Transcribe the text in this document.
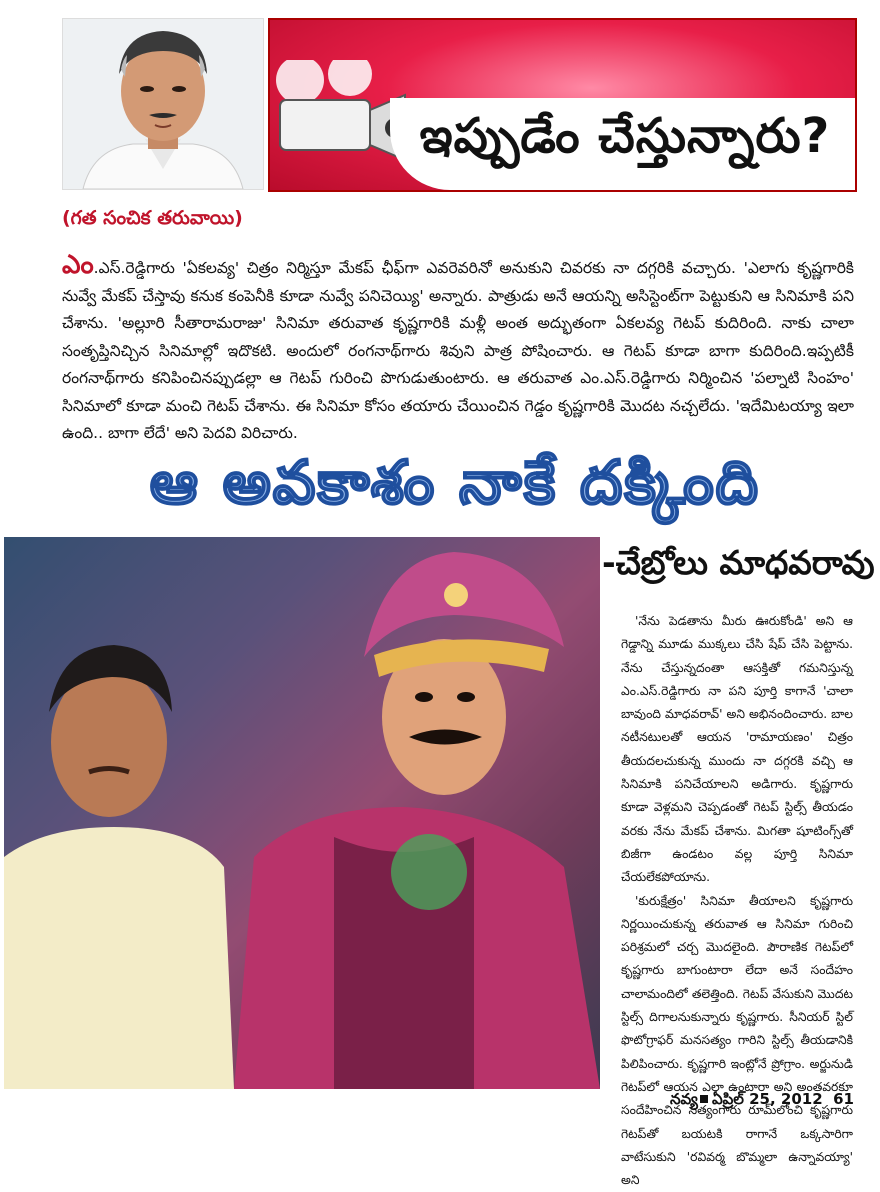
ఇప్పుడేం చేస్తున్నారు?
(గత సంచిక తరువాయి)
ఎం.ఎస్.రెడ్డిగారు 'ఏకలవ్య' చిత్రం నిర్మిస్తూ మేకప్ ఛీఫ్‌గా ఎవరెవరినో అనుకుని చివరకు నా దగ్గరికి వచ్చారు. 'ఎలాగు కృష్ణగారికి నువ్వే మేకప్ చేస్తావు కనుక కంపెనీకి కూడా నువ్వే పనిచెయ్యి' అన్నారు. పాత్రుడు అనే ఆయన్ని అసిస్టెంట్‌గా పెట్టుకుని ఆ సినిమాకి పని చేశాను. 'అల్లూరి సీతారామరాజు' సినిమా తరువాత కృష్ణగారికి మళ్లీ అంత అద్భుతంగా ఏకలవ్య గెటప్ కుదిరింది. నాకు చాలా సంతృప్తినిచ్చిన సినిమాల్లో ఇదొకటి. అందులో రంగనాథ్‌గారు శివుని పాత్ర పోషించారు. ఆ గెటప్ కూడా బాగా కుదిరింది.ఇప్పటికీ రంగనాథ్‌గారు కనిపించినప్పుడల్లా ఆ గెటప్ గురించి పొగుడుతుంటారు. ఆ తరువాత ఎం.ఎస్.రెడ్డిగారు నిర్మించిన 'పల్నాటి సింహం' సినిమాలో కూడా మంచి గెటప్ చేశాను. ఈ సినిమా కోసం తయారు చేయించిన గెడ్డం కృష్ణగారికి మొదట నచ్చలేదు. 'ఇదేమిటయ్యా ఇలా ఉంది.. బాగా లేదే' అని పెదవి విరిచారు.
ఆ అవకాశం నాకే దక్కింది
-చేబ్రోలు మాధవరావు

'నేను పెడతాను మీరు ఊరుకోండి' అని ఆ గెడ్డాన్ని మూడు ముక్కలు చేసి షేప్ చేసి పెట్టాను. నేను చేస్తున్నదంతా ఆసక్తితో గమనిస్తున్న ఎం.ఎస్.రెడ్డిగారు నా పని పూర్తి కాగానే 'చాలా బావుంది మాధవరావ్' అని అభినందించారు. బాల నటీనటులతో ఆయన 'రామాయణం' చిత్రం తీయదలచుకున్న ముందు నా దగ్గరకి వచ్చి ఆ సినిమాకి పనిచేయాలని అడిగారు. కృష్ణగారు కూడా వెళ్లమని చెప్పడంతో గెటప్ స్టిల్స్ తీయడం వరకు నేను మేకప్ చేశాను. మిగతా షూటింగ్స్‌తో బిజీగా ఉండటం వల్ల పూర్తి సినిమా చేయలేకపోయాను.

'కురుక్షేత్రం' సినిమా తీయాలని కృష్ణగారు నిర్ణయించుకున్న తరువాత ఆ సినిమా గురించి పరిశ్రమలో చర్చ మొదలైంది. పౌరాణిక గెటప్‌లో కృష్ణగారు బాగుంటారా లేదా అనే సందేహం చాలామందిలో తలెత్తింది. గెటప్ వేసుకుని మొదట స్టిల్స్ దిగాలనుకున్నారు కృష్ణగారు. సీనియర్ స్టిల్ ఫొటోగ్రాఫర్ మనసత్యం గారిని స్టిల్స్ తీయడానికి పిలిపించారు. కృష్ణగారి ఇంట్లోనే ప్రోగ్రాం. అర్జునుడి గెటప్‌లో ఆయన ఎలా ఉంటారా అని అంతవరకూ సందేహించిన సత్యంగారు రూమ్‌లోంచి కృష్ణగారు గెటప్‌తో బయటకి రాగానే ఒక్కసారిగా వాటేసుకుని 'రవివర్మ బొమ్మలా ఉన్నావయ్యా' అని

నవ్య ఏప్రిల్ 25, 2012 61
